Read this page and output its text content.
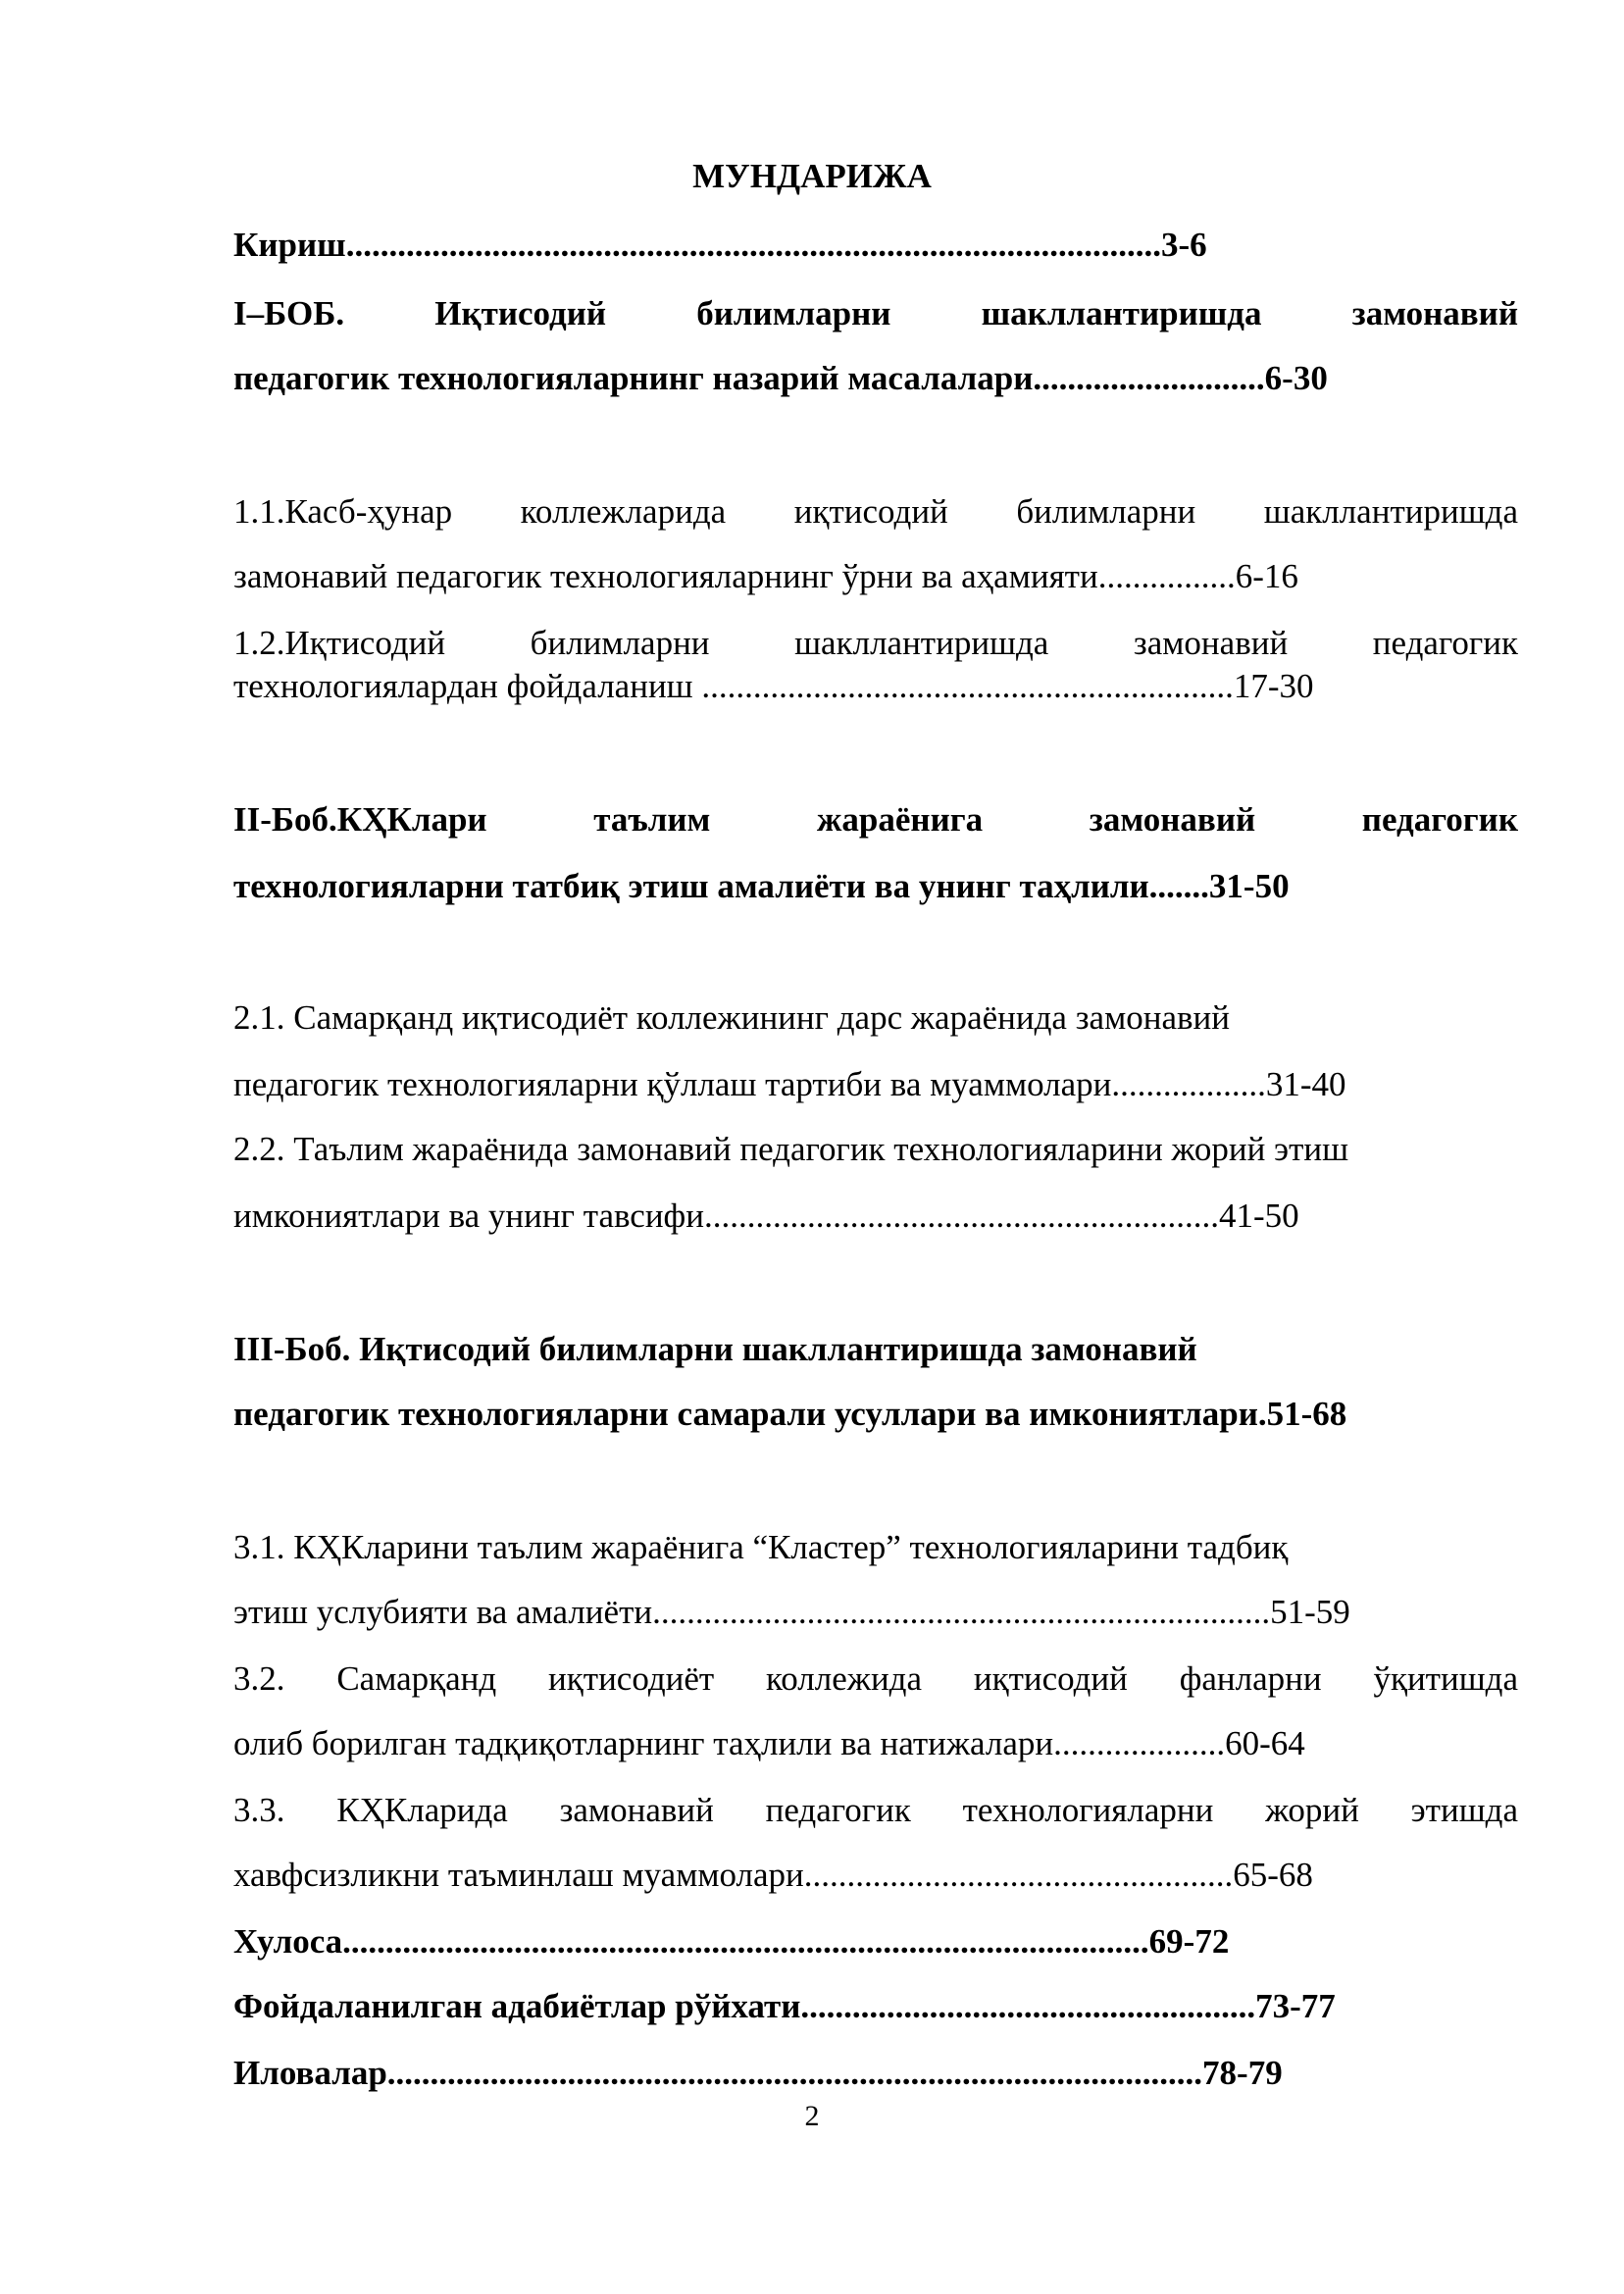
МУНДАРИЖА
Кириш...............................................................................................3-6
I–БОБ. Иқтисодий билимларни шакллантиришда замонавий
педагогик технологияларнинг назарий масалалари...........................6-30
1.1.Касб-ҳунар коллежларида иқтисодий билимларни шакллантиришда
замонавий педагогик технологияларнинг ўрни ва аҳамияти................6-16
1.2.Иқтисодий билимларни шакллантиришда замонавий педагогик
технологиялардан фойдаланиш ..............................................................17-30
II-Боб.КҲКлари таълим жараёнига замонавий педагогик
технологияларни татбиқ этиш амалиёти ва унинг таҳлили.......31-50
2.1. Самарқанд иқтисодиёт коллежининг дарс жараёнида замонавий
педагогик технологияларни қўллаш тартиби ва муаммолари..................31-40
2.2. Таълим жараёнида замонавий педагогик технологияларини жорий этиш
имкониятлари ва унинг тавсифи............................................................41-50
III-Боб. Иқтисодий билимларни шакллантиришда замонавий
педагогик технологияларни самарали усуллари ва имкониятлари.51-68
3.1. КҲКларини таълим жараёнига “Кластер” технологияларини тадбиқ
этиш услубияти ва амалиёти........................................................................51-59
3.2. Самарқанд иқтисодиёт коллежида иқтисодий фанларни ўқитишда
олиб борилган тадқиқотларнинг таҳлили ва натижалари....................60-64
3.3. КҲКларида замонавий педагогик технологияларни жорий этишда
хавфсизликни таъминлаш муаммолари..................................................65-68
Хулоса..............................................................................................69-72
Фойдаланилган адабиётлар рўйхати.....................................................73-77
Иловалар...............................................................................................78-79
2
